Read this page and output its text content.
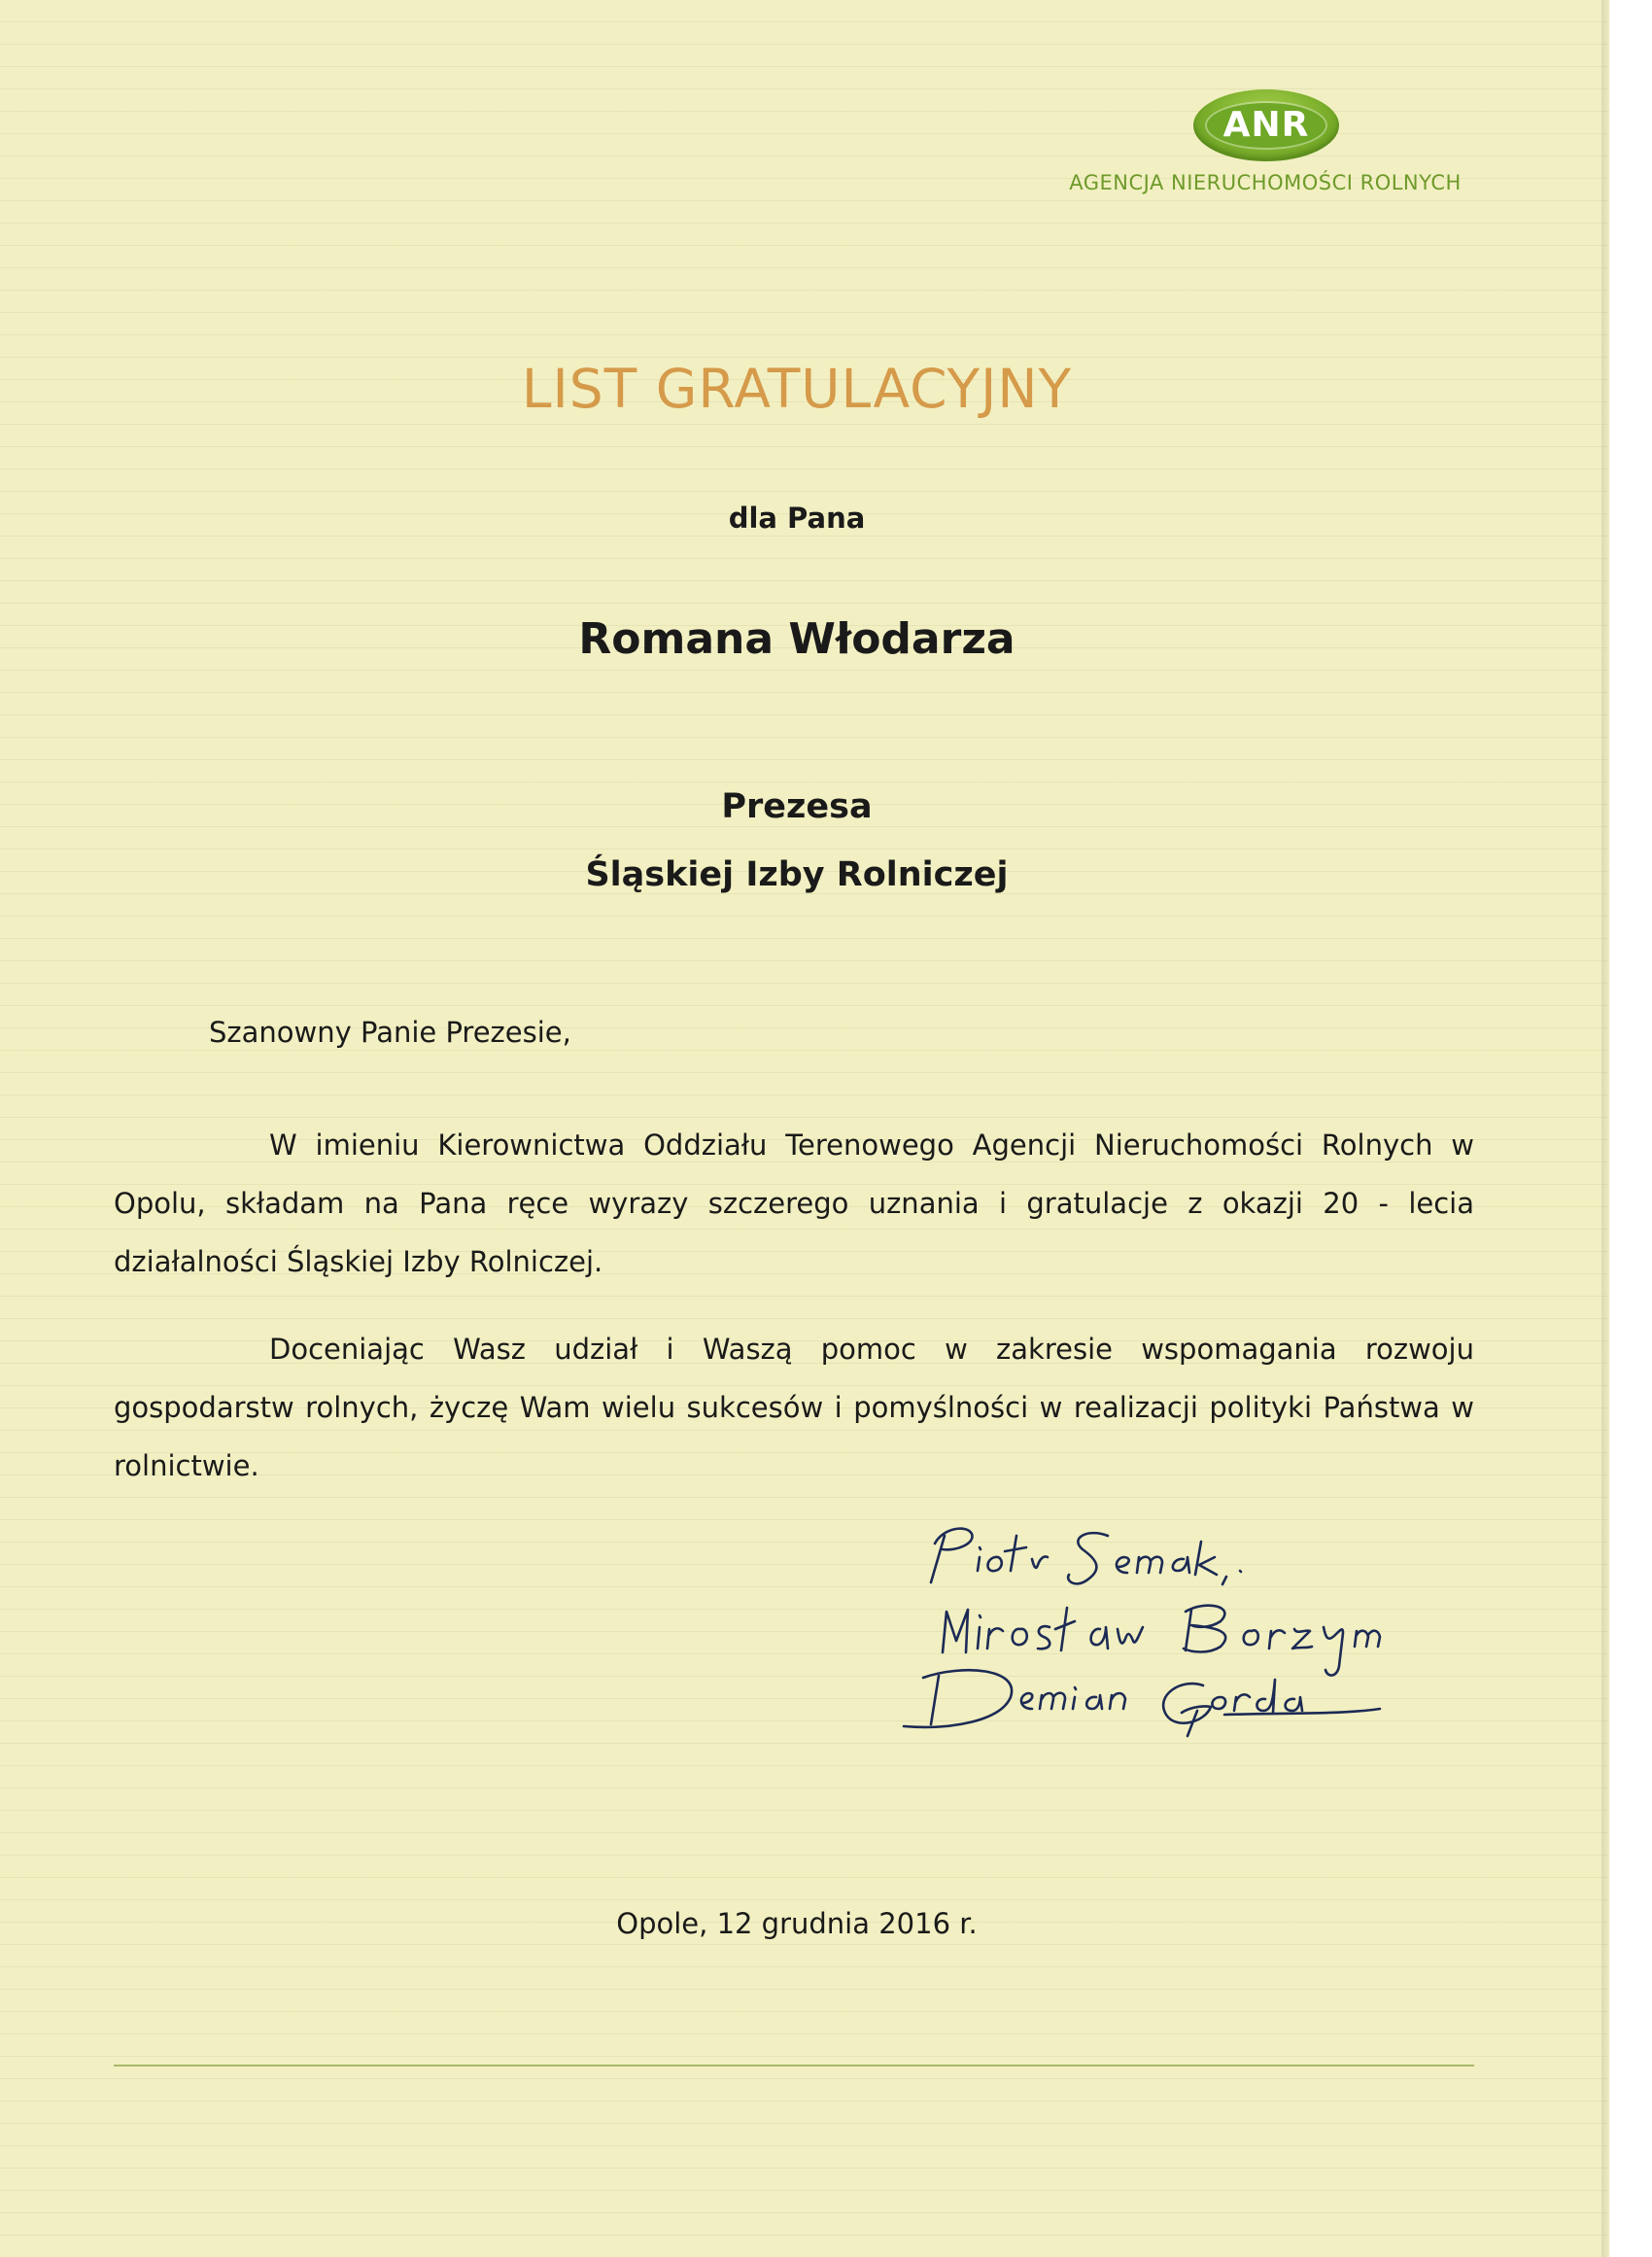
ANR
AGENCJA NIERUCHOMOŚCI ROLNYCH
LIST GRATULACYJNY
dla Pana
Romana Włodarza
Prezesa
Śląskiej Izby Rolniczej
Szanowny Panie Prezesie,
W imieniu Kierownictwa Oddziału Terenowego Agencji Nieruchomości Rolnych w Opolu, składam na Pana ręce wyrazy szczerego uznania i gratulacje z okazji 20 - lecia działalności Śląskiej Izby Rolniczej.
Doceniając Wasz udział i Waszą pomoc w zakresie wspomagania rozwoju gospodarstw rolnych, życzę Wam wielu sukcesów i pomyślności w realizacji polityki Państwa w rolnictwie.
Opole, 12 grudnia 2016 r.
